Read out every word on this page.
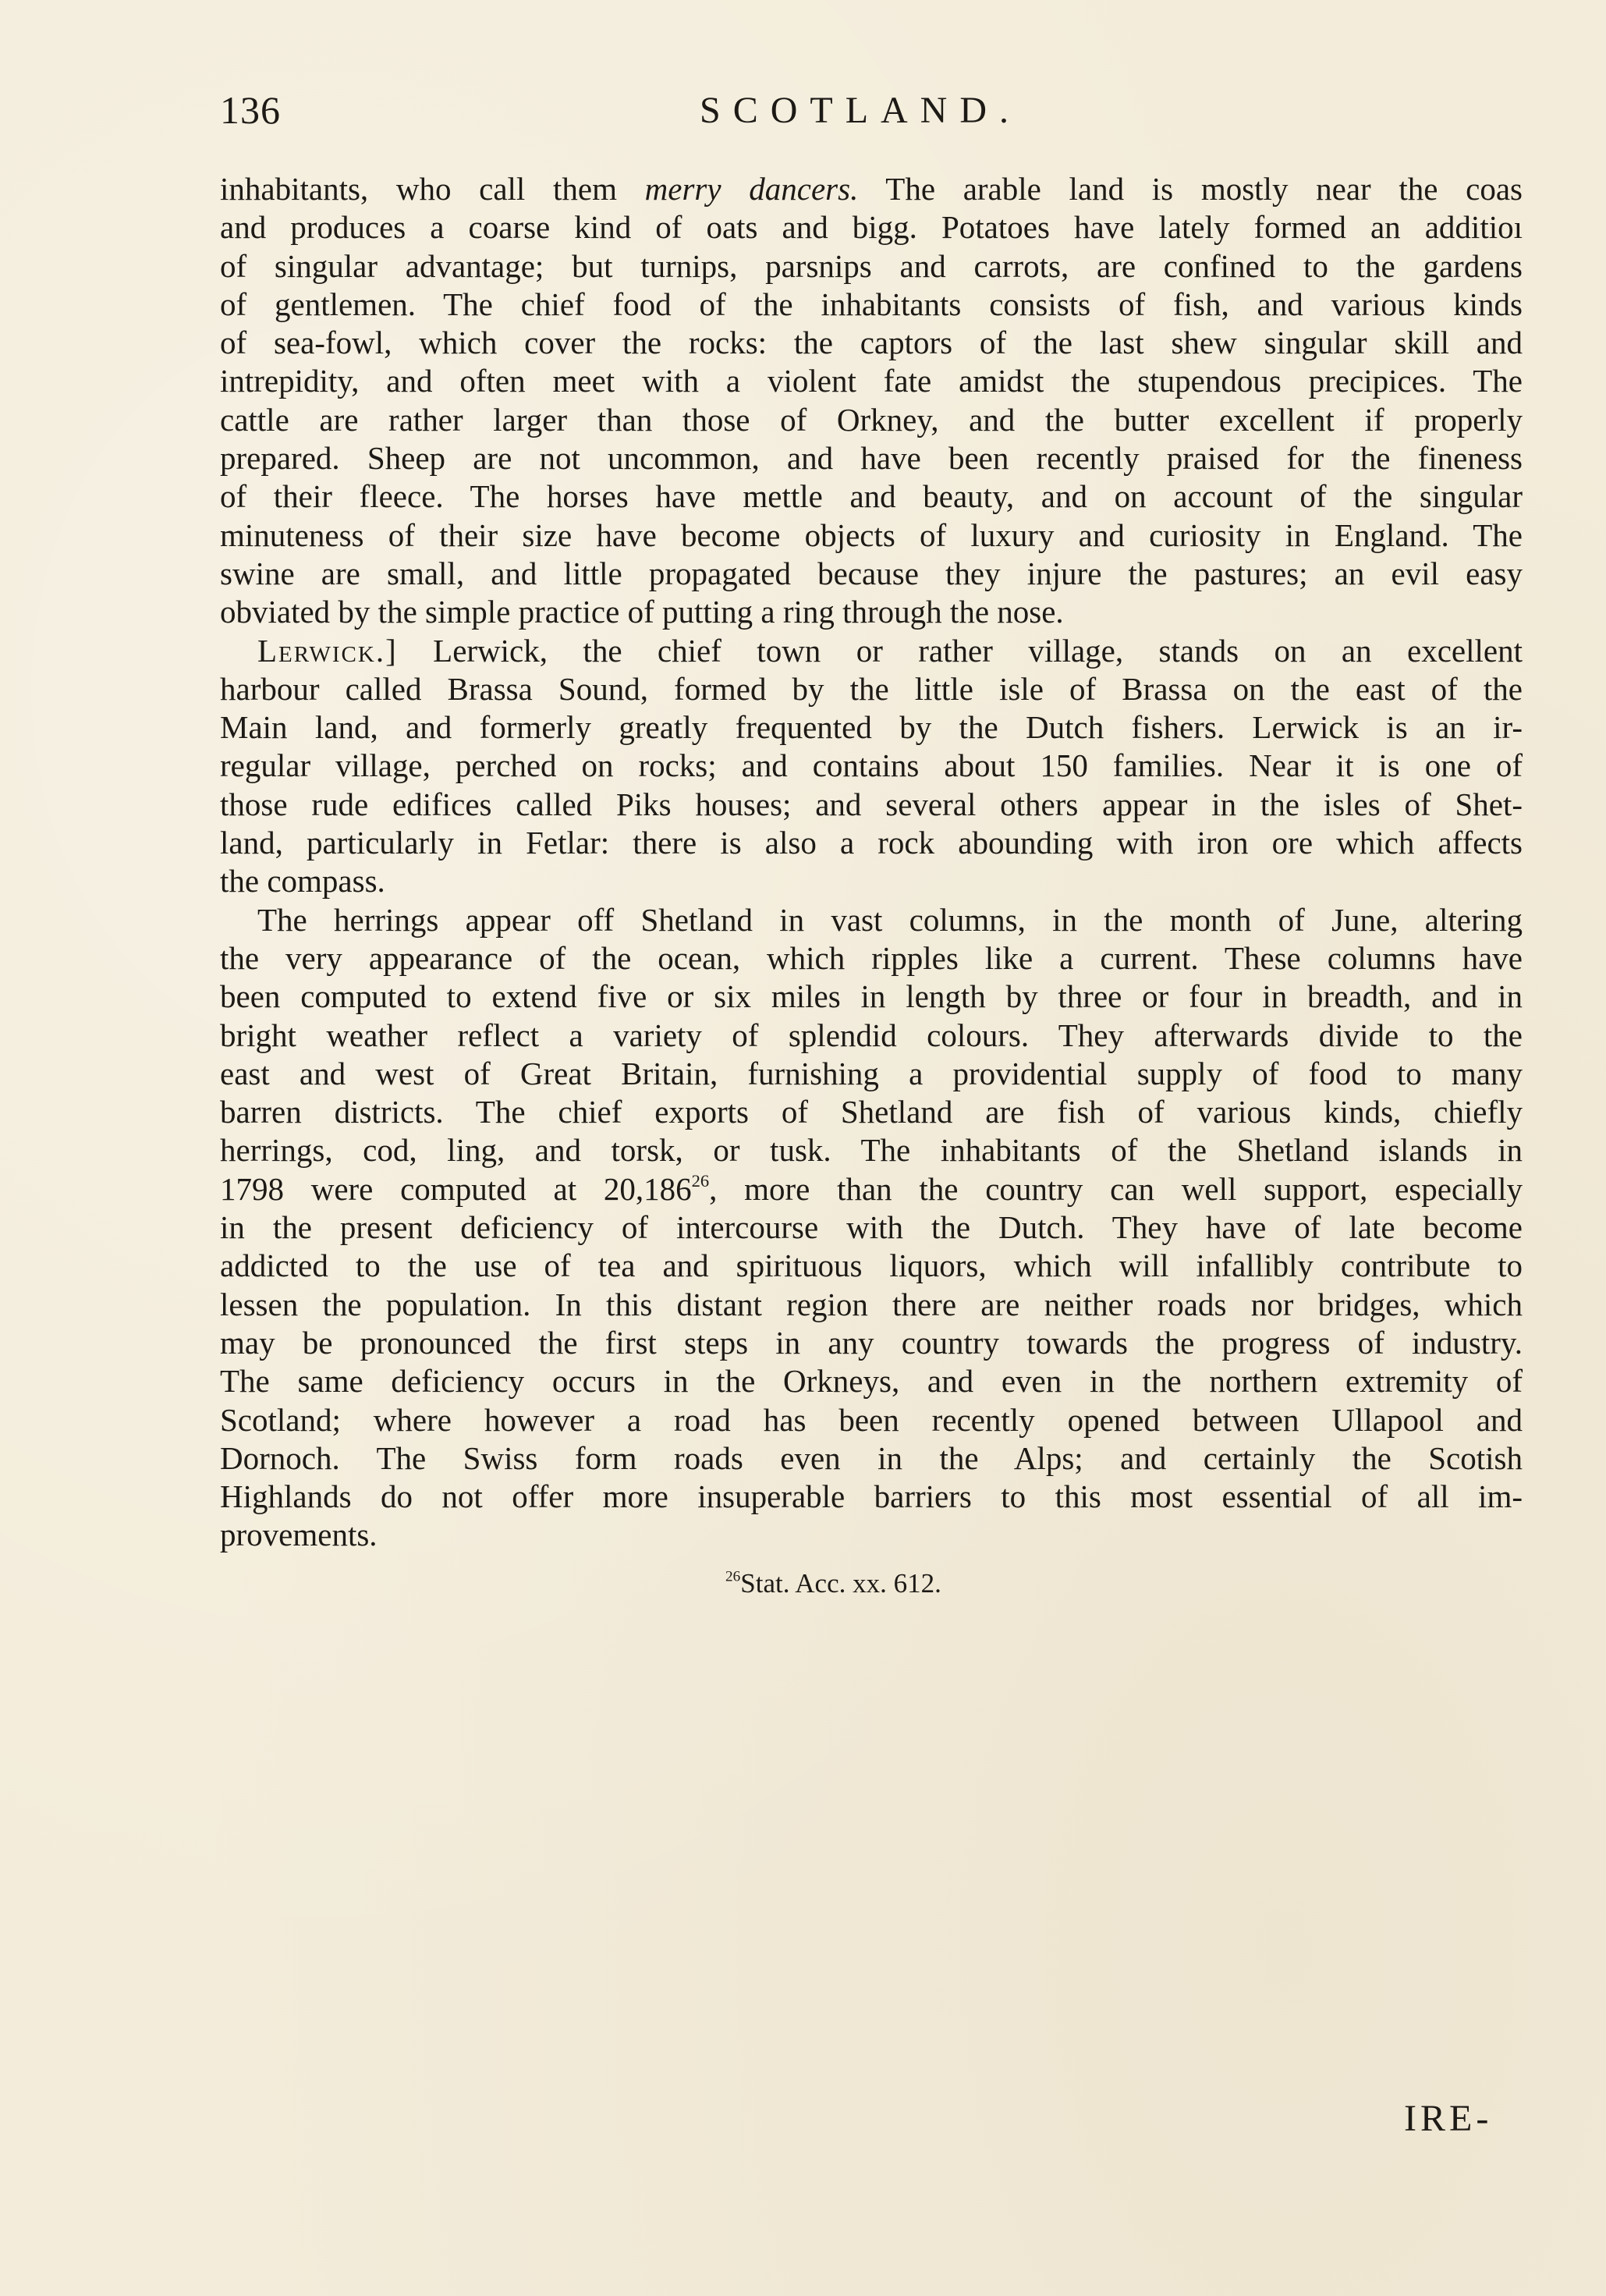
136	SCOTLAND.
inhabitants, who call them merry dancers. The arable land is mostly near the coas
and produces a coarse kind of oats and bigg. Potatoes have lately formed an additioı
of singular advantage; but turnips, parsnips and carrots, are confined to the gardens
of gentlemen. The chief food of the inhabitants consists of fish, and various kinds
of sea-fowl, which cover the rocks: the captors of the last shew singular skill and
intrepidity, and often meet with a violent fate amidst the stupendous precipices. The
cattle are rather larger than those of Orkney, and the butter excellent if properly
prepared. Sheep are not uncommon, and have been recently praised for the fineness
of their fleece. The horses have mettle and beauty, and on account of the singular
minuteness of their size have become objects of luxury and curiosity in England. The
swine are small, and little propagated because they injure the pastures; an evil easy
obviated by the simple practice of putting a ring through the nose.
Lerwick.] Lerwick, the chief town or rather village, stands on an excellent
harbour called Brassa Sound, formed by the little isle of Brassa on the east of the
Main land, and formerly greatly frequented by the Dutch fishers. Lerwick is an ir-
regular village, perched on rocks; and contains about 150 families. Near it is one of
those rude edifices called Piks houses; and several others appear in the isles of Shet-
land, particularly in Fetlar: there is also a rock abounding with iron ore which affects
the compass.
The herrings appear off Shetland in vast columns, in the month of June, altering
the very appearance of the ocean, which ripples like a current. These columns have
been computed to extend five or six miles in length by three or four in breadth, and in
bright weather reflect a variety of splendid colours. They afterwards divide to the
east and west of Great Britain, furnishing a providential supply of food to many
barren districts. The chief exports of Shetland are fish of various kinds, chiefly
herrings, cod, ling, and torsk, or tusk. The inhabitants of the Shetland islands in
1798 were computed at 20,186$^{26}$, more than the country can well support, especially
in the present deficiency of intercourse with the Dutch. They have of late become
addicted to the use of tea and spirituous liquors, which will infallibly contribute to
lessen the population. In this distant region there are neither roads nor bridges, which
may be pronounced the first steps in any country towards the progress of industry.
The same deficiency occurs in the Orkneys, and even in the northern extremity of
Scotland; where however a road has been recently opened between Ullapool and
Dornoch. The Swiss form roads even in the Alps; and certainly the Scotish
Highlands do not offer more insuperable barriers to this most essential of all im-
provements.
$^{26}$Stat. Acc. xx. 612.
IRE-
